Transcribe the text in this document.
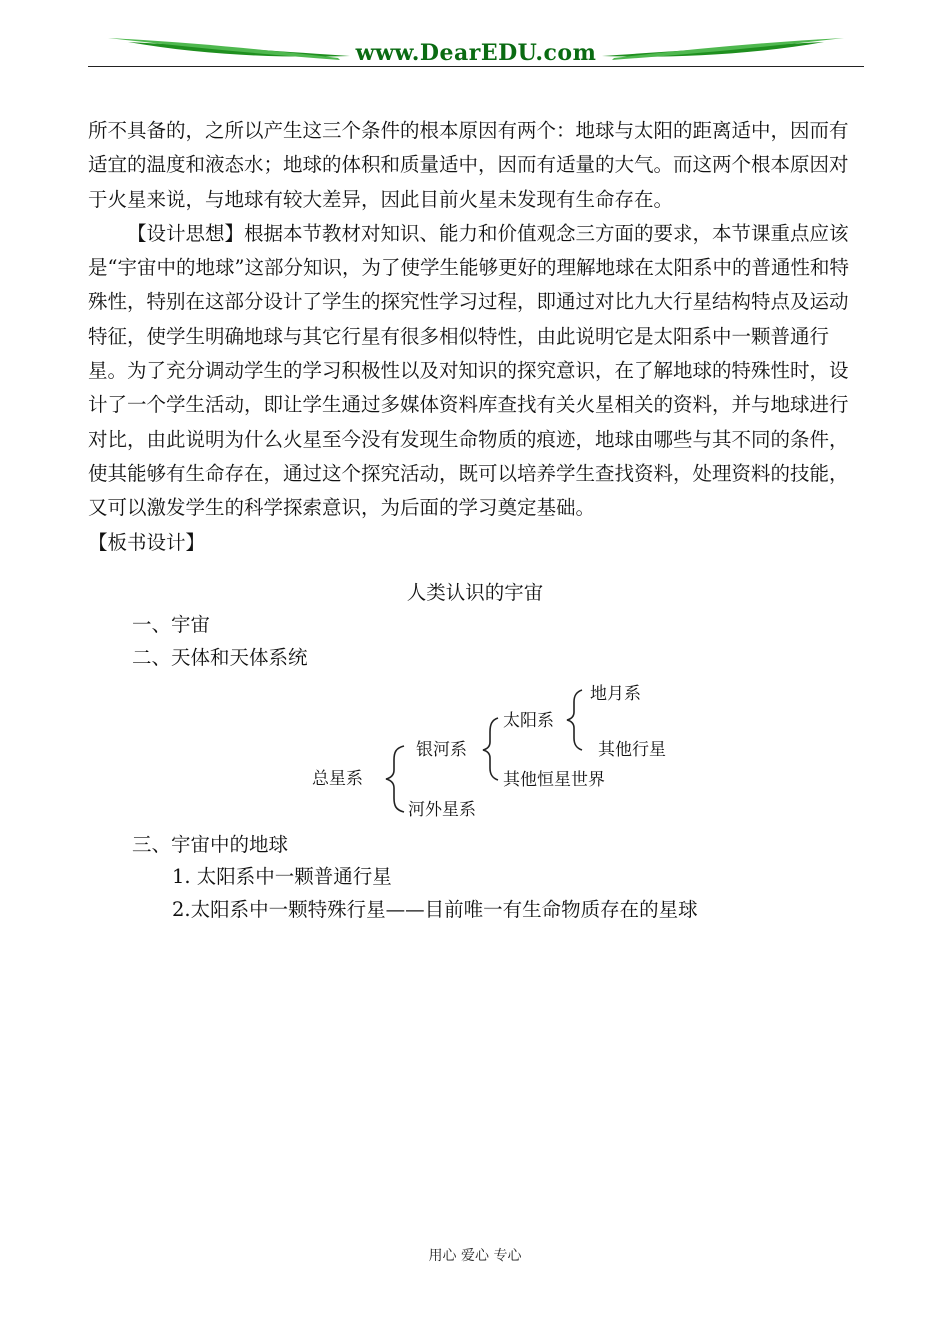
www.DearEDU.com

所不具备的，之所以产生这三个条件的根本原因有两个：地球与太阳的距离适中，因而有适宜的温度和液态水；地球的体积和质量适中，因而有适量的大气。而这两个根本原因对于火星来说，与地球有较大差异，因此目前火星未发现有生命存在。

【设计思想】根据本节教材对知识、能力和价值观念三方面的要求，本节课重点应该是“宇宙中的地球”这部分知识，为了使学生能够更好的理解地球在太阳系中的普通性和特殊性，特别在这部分设计了学生的探究性学习过程，即通过对比九大行星结构特点及运动特征，使学生明确地球与其它行星有很多相似特性，由此说明它是太阳系中一颗普通行星。为了充分调动学生的学习积极性以及对知识的探究意识，在了解地球的特殊性时，设计了一个学生活动，即让学生通过多媒体资料库查找有关火星相关的资料，并与地球进行对比，由此说明为什么火星至今没有发现生命物质的痕迹，地球由哪些与其不同的条件，使其能够有生命存在，通过这个探究活动，既可以培养学生查找资料，处理资料的技能，又可以激发学生的科学探索意识，为后面的学习奠定基础。

【板书设计】

人类认识的宇宙
一、宇宙
二、天体和天体系统
总星系
银河系
河外星系
太阳系
其他恒星世界
地月系
其他行星
三、宇宙中的地球
1. 太阳系中一颗普通行星
2.太阳系中一颗特殊行星——目前唯一有生命物质存在的星球
用心 爱心 专心
